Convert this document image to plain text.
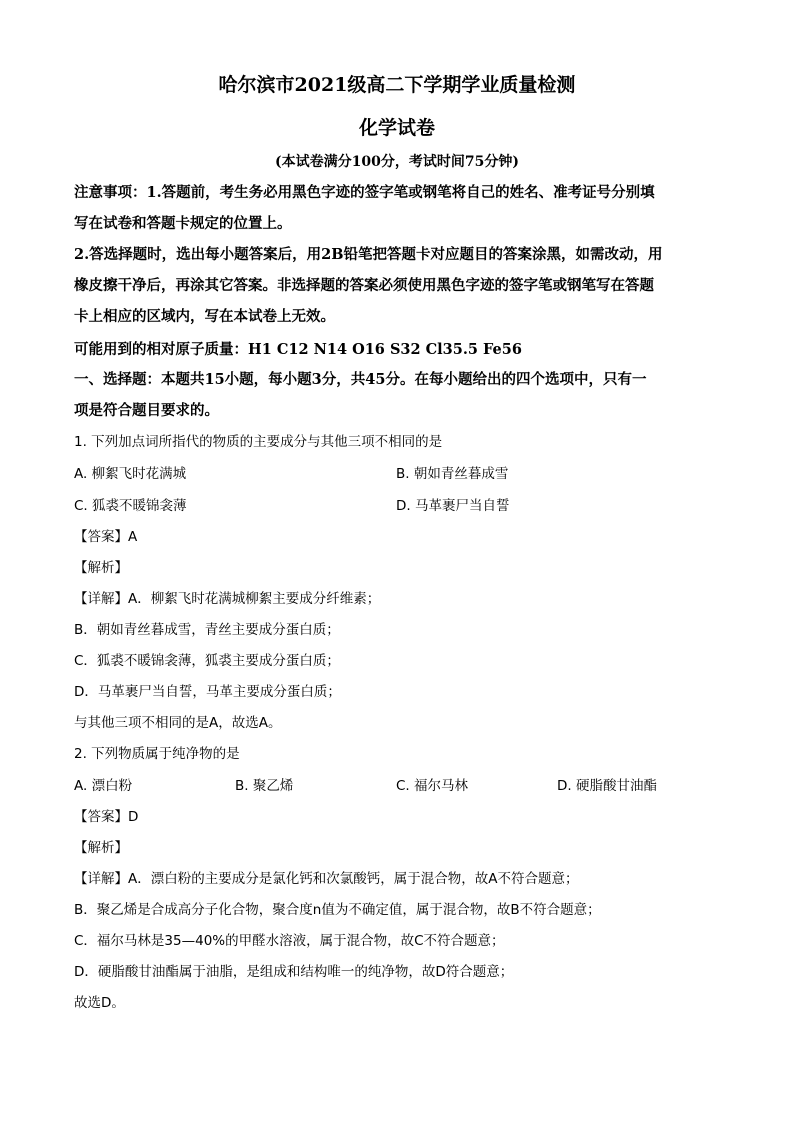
哈尔滨市2021级高二下学期学业质量检测
化学试卷
(本试卷满分100分，考试时间75分钟)
注意事项：1.答题前，考生务必用黑色字迹的签字笔或钢笔将自己的姓名、准考证号分别填
写在试卷和答题卡规定的位置上。
2.答选择题时，选出每小题答案后，用2B铅笔把答题卡对应题目的答案涂黑，如需改动，用
橡皮擦干净后，再涂其它答案。非选择题的答案必须使用黑色字迹的签字笔或钢笔写在答题
卡上相应的区域内，写在本试卷上无效。
可能用到的相对原子质量：H1 C12 N14 O16 S32 Cl35.5 Fe56
一、选择题：本题共15小题，每小题3分，共45分。在每小题给出的四个选项中，只有一
项是符合题目要求的。
1. 下列加点词所指代的物质的主要成分与其他三项不相同的是
A. 柳絮飞时花满城	B. 朝如青丝暮成雪
C. 狐裘不暖锦衾薄	D. 马革裹尸当自誓
【答案】A
【解析】
【详解】A．柳絮飞时花满城柳絮主要成分纤维素；
B．朝如青丝暮成雪，青丝主要成分蛋白质；
C．狐裘不暖锦衾薄，狐裘主要成分蛋白质；
D．马革裹尸当自誓，马革主要成分蛋白质；
与其他三项不相同的是A，故选A。
2. 下列物质属于纯净物的是
A. 漂白粉	B. 聚乙烯	C. 福尔马林	D. 硬脂酸甘油酯
【答案】D
【解析】
【详解】A．漂白粉的主要成分是氯化钙和次氯酸钙，属于混合物，故A不符合题意；
B．聚乙烯是合成高分子化合物，聚合度n值为不确定值，属于混合物，故B不符合题意；
C．福尔马林是35—40%的甲醛水溶液，属于混合物，故C不符合题意；
D．硬脂酸甘油酯属于油脂，是组成和结构唯一的纯净物，故D符合题意；
故选D。
